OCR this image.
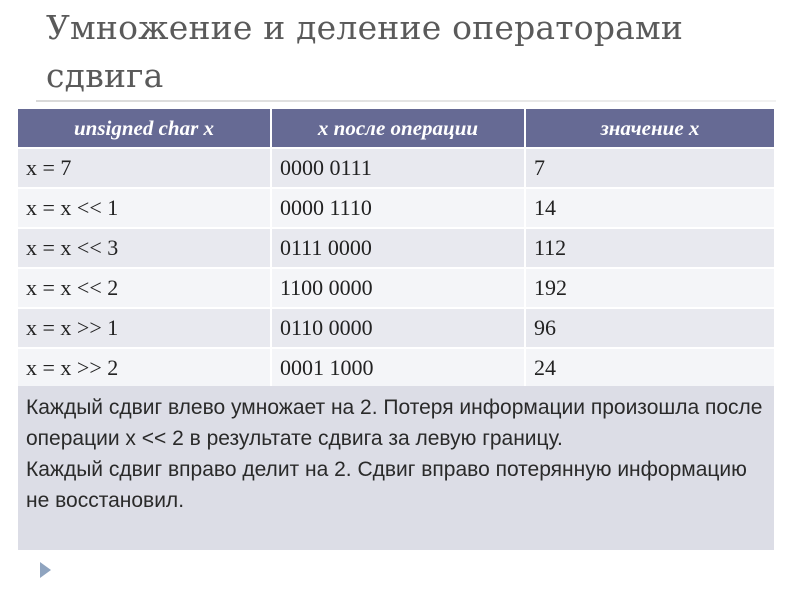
Умножение и деление операторами сдвига
unsigned char x	x после операции	значение x
x = 7	0000 0111	7
x = x << 1	0000 1110	14
x = x << 3	0111 0000	112
x = x << 2	1100 0000	192
x = x >> 1	0110 0000	96
x = x >> 2	0001 1000	24

Каждый сдвиг влево умножает на 2. Потеря информации произошла после операции x << 2 в результате сдвига за левую границу.

Каждый сдвиг вправо делит на 2. Сдвиг вправо потерянную информацию не восстановил.
